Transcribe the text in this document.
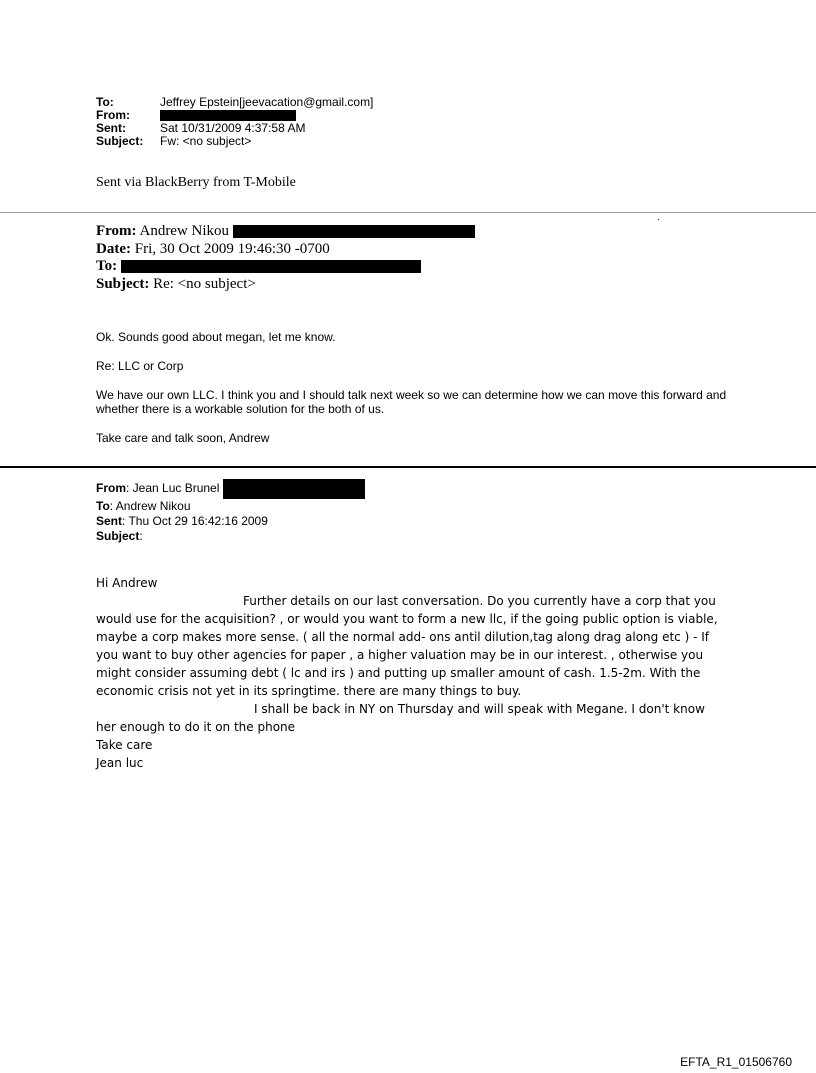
To:	Jeffrey Epstein[jeevacation@gmail.com]
From:
Sent:	Sat 10/31/2009 4:37:58 AM
Subject:	Fw: <no subject>
Sent via BlackBerry from T-Mobile
.
From: Andrew Nikou
Date: Fri, 30 Oct 2009 19:46:30 -0700
To:
Subject: Re: <no subject>

Ok. Sounds good about megan, let me know.

Re: LLC or Corp

We have our own LLC. I think you and I should talk next week so we can determine how we can move this forward and whether there is a workable solution for the both of us.

Take care and talk soon, Andrew

From: Jean Luc Brunel
To: Andrew Nikou
Sent: Thu Oct 29 16:42:16 2009
Subject:
Hi Andrew
Further details on our last conversation. Do you currently have a corp that you
would use for the acquisition? , or would you want to form a new llc, if the going public option is viable,
maybe a corp makes more sense. ( all the normal add- ons antil dilution,tag along drag along etc ) - If
you want to buy other agencies for paper , a higher valuation may be in our interest. , otherwise you
might consider assuming debt ( lc and irs ) and putting up smaller amount of cash. 1.5-2m. With the
economic crisis not yet in its springtime. there are many things to buy.
I shall be back in NY on Thursday and will speak with Megane. I don't know
her enough to do it on the phone
Take care
Jean luc
EFTA_R1_01506760
